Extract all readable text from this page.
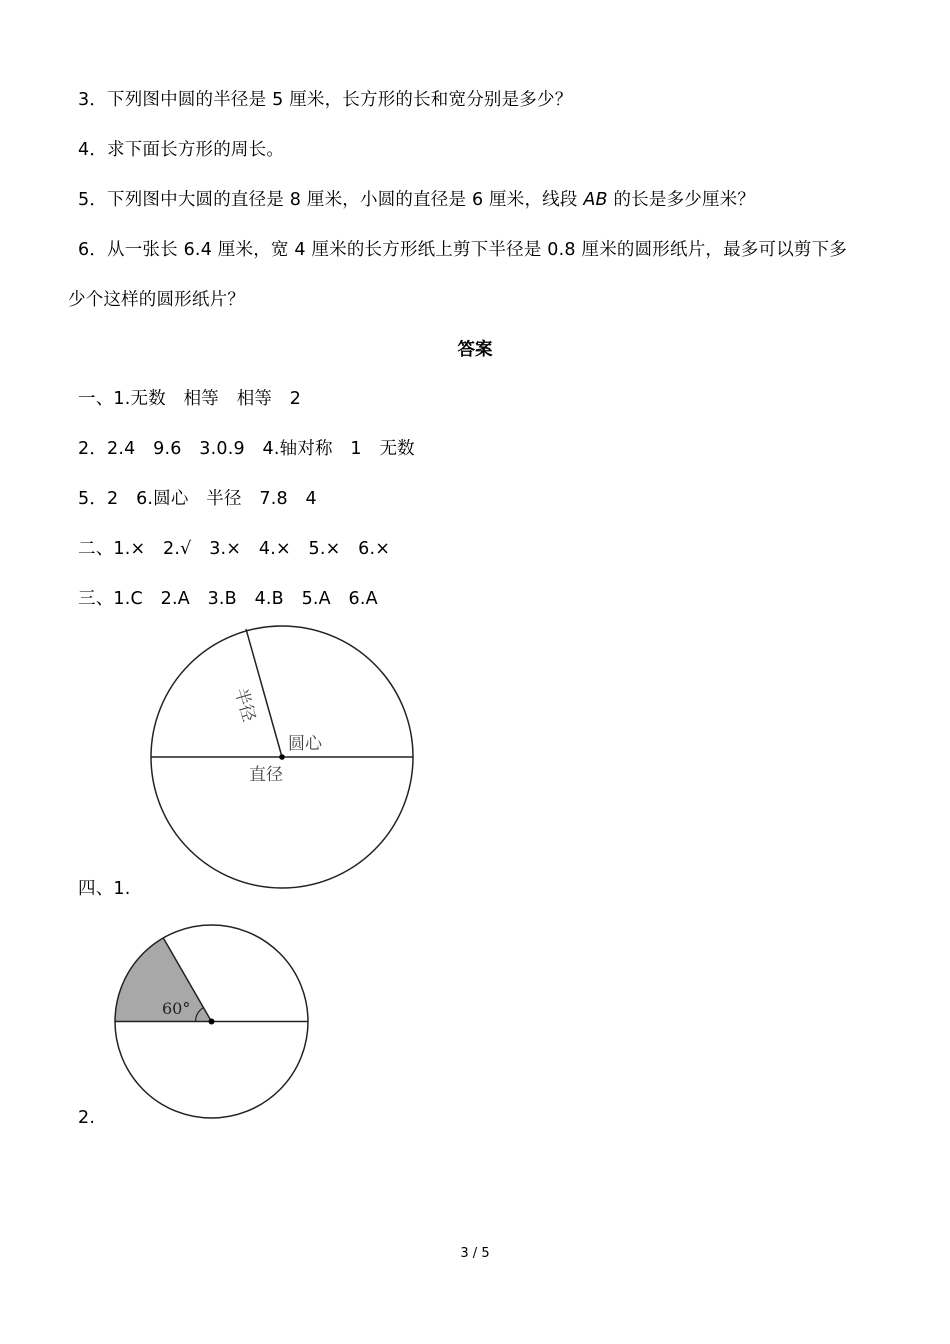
3．下列图中圆的半径是 5 厘米，长方形的长和宽分别是多少？
4．求下面长方形的周长。
5．下列图中大圆的直径是 8 厘米，小圆的直径是 6 厘米，线段 AB 的长是多少厘米？
6．从一张长 6.4 厘米，宽 4 厘米的长方形纸上剪下半径是 0.8 厘米的圆形纸片，最多可以剪下多
少个这样的圆形纸片？
答案
一、1.无数　相等　相等　2
2．2.4　9.6　3.0.9　4.轴对称　1　无数
5．2　6.圆心　半径　7.8　4
二、1.×　2.√　3.×　4.×　5.×　6.×
三、1.C　2.A　3.B　4.B　5.A　6.A
半径
圆心
直径
四、1.
60°
2.
3 / 5
